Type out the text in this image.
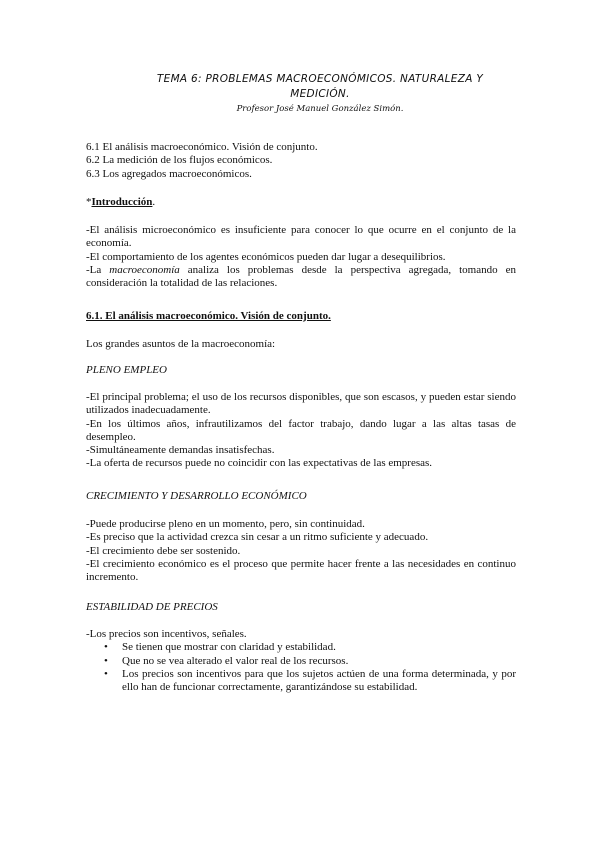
TEMA 6: PROBLEMAS MACROECONÓMICOS. NATURALEZA Y
MEDICIÓN.
Profesor José Manuel González Simón.
6.1 El análisis macroeconómico. Visión de conjunto.
6.2 La medición de los flujos económicos.
6.3 Los agregados macroeconómicos.
*Introducción.
-El análisis microeconómico es insuficiente para conocer lo que ocurre en el conjunto de la economía.
-El comportamiento de los agentes económicos pueden dar lugar a desequilibrios.
-La macroeconomía analiza los problemas desde la perspectiva agregada, tomando en consideración la totalidad de las relaciones.
6.1. El análisis macroeconómico. Visión de conjunto.
Los grandes asuntos de la macroeconomía:
PLENO EMPLEO
-El principal problema; el uso de los recursos disponibles, que son escasos, y pueden estar siendo utilizados inadecuadamente.
-En los últimos años, infrautilizamos del factor trabajo, dando lugar a las altas tasas de desempleo.
-Simultáneamente demandas insatisfechas.
-La oferta de recursos puede no coincidir con las expectativas de las empresas.
CRECIMIENTO Y DESARROLLO ECONÓMICO
-Puede producirse pleno en un momento, pero, sin continuidad.
-Es preciso que la actividad crezca sin cesar a un ritmo suficiente y adecuado.
-El crecimiento debe ser sostenido.
-El crecimiento económico es el proceso que permite hacer frente a las necesidades en continuo incremento.
ESTABILIDAD DE PRECIOS
-Los precios son incentivos, señales.
• Se tienen que mostrar con claridad y estabilidad.
• Que no se vea alterado el valor real de los recursos.
• Los precios son incentivos para que los sujetos actúen de una forma determinada, y por ello han de funcionar correctamente, garantizándose su estabilidad.
